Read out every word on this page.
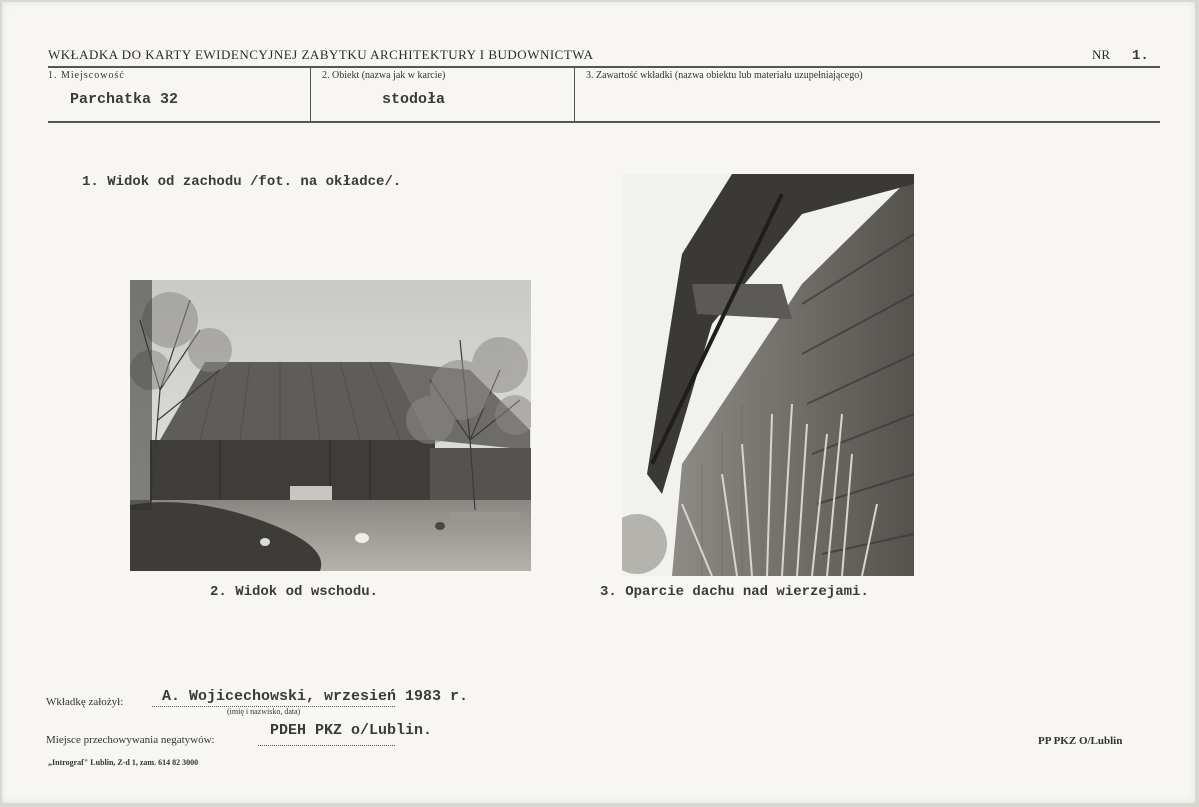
WKŁADKA DO KARTY EWIDENCYJNEJ ZABYTKU ARCHITEKTURY I BUDOWNICTWA	NR 1.
1. Miejscowość
Parchatka 32
2. Obiekt (nazwa jak w karcie)
stodoła
3. Zawartość wkładki (nazwa obiektu lub materiału uzupełniającego)
1. Widok od zachodu /fot. na okładce/.
2. Widok od wschodu.	3. Oparcie dachu nad wierzejami.
Wkładkę założył:	A. Wojicechowski, wrzesień 1983 r.
(imię i nazwisko, data)
Miejsce przechowywania negatywów:
PDEH PKZ o/Lublin.
PP PKZ O/Lublin
„Intrograf" Lublin, Z-d 1, zam. 614 82 3000
